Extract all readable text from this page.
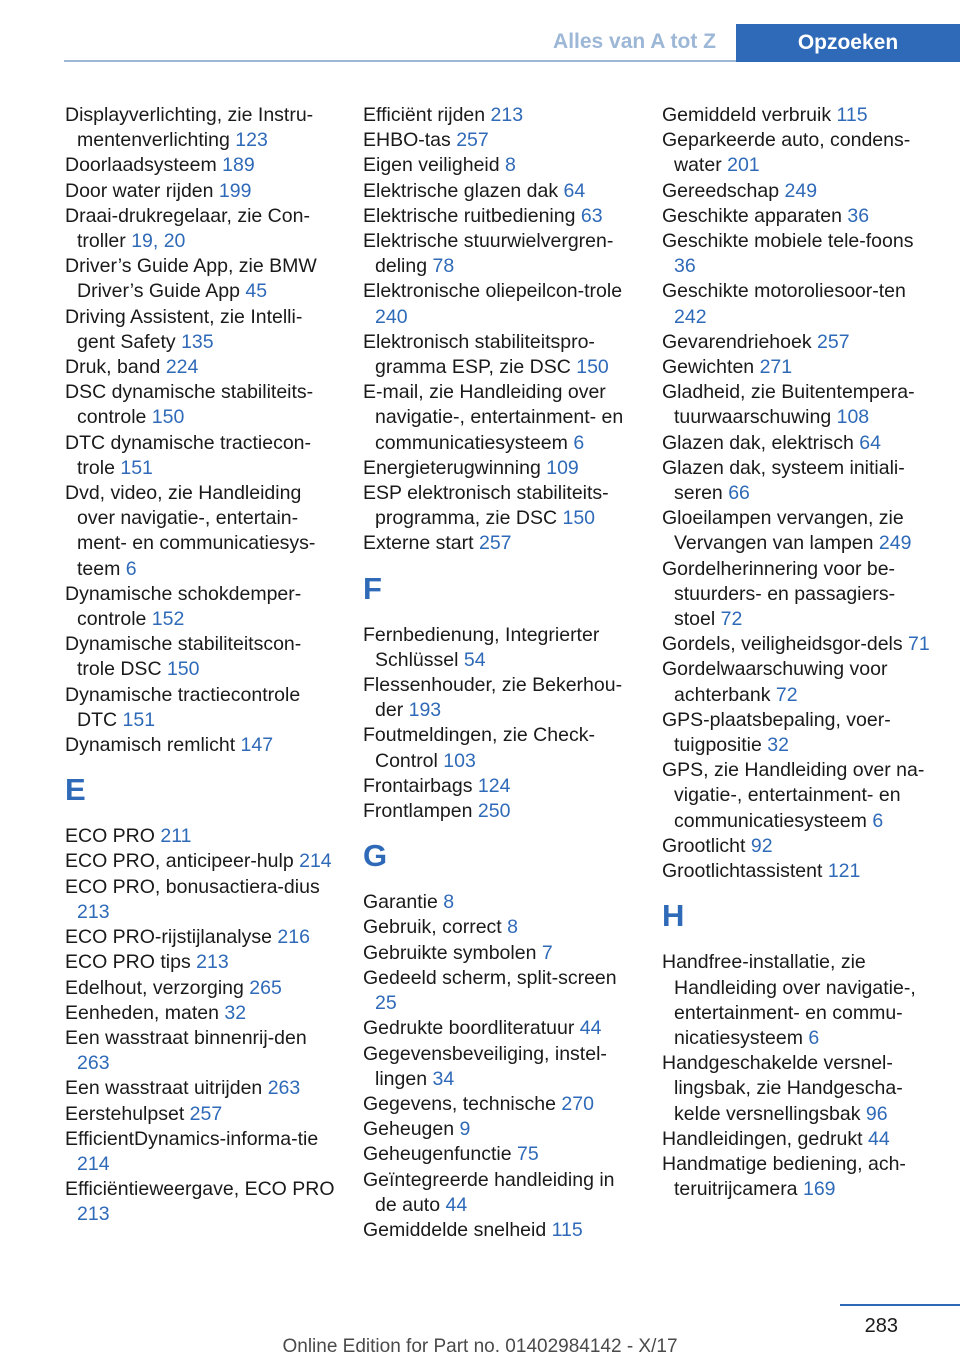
Alles van A tot Z	Opzoeken

Displayverlichting, zie Instru-mentenverlichting 123

Doorlaadsysteem 189

Door water rijden 199

Draai-drukregelaar, zie Con-troller 19, 20

Driver’s Guide App, zie BMW Driver’s Guide App 45

Driving Assistent, zie Intelli-gent Safety 135

Druk, band 224

DSC dynamische stabiliteits-controle 150

DTC dynamische tractiecon-trole 151

Dvd, video, zie Handleiding over navigatie-, entertain-ment- en communicatiesys-teem 6

Dynamische schokdemper-controle 152

Dynamische stabiliteitscon-trole DSC 150

Dynamische tractiecontrole DTC 151

Dynamisch remlicht 147

E

ECO PRO 211

ECO PRO, anticipeer-hulp 214

ECO PRO, bonusactiera-dius 213

ECO PRO-rijstijlanalyse 216

ECO PRO tips 213

Edelhout, verzorging 265

Eenheden, maten 32

Een wasstraat binnenrij-den 263

Een wasstraat uitrijden 263

Eerstehulpset 257

EfficientDynamics-informa-tie 214

Efficiëntieweergave, ECO PRO 213

Efficiënt rijden 213

EHBO-tas 257

Eigen veiligheid 8

Elektrische glazen dak 64

Elektrische ruitbediening 63

Elektrische stuurwielvergren-deling 78

Elektronische oliepeilcon-trole 240

Elektronisch stabiliteitspro-gramma ESP, zie DSC 150

E-mail, zie Handleiding over navigatie-, entertainment- en communicatiesysteem 6

Energieterugwinning 109

ESP elektronisch stabiliteits-programma, zie DSC 150

Externe start 257

F

Fernbedienung, Integrierter Schlüssel 54

Flessenhouder, zie Bekerhou-der 193

Foutmeldingen, zie Check-Control 103

Frontairbags 124

Frontlampen 250

G

Garantie 8

Gebruik, correct 8

Gebruikte symbolen 7

Gedeeld scherm, split-screen 25

Gedrukte boordliteratuur 44

Gegevensbeveiliging, instel-lingen 34

Gegevens, technische 270

Geheugen 9

Geheugenfunctie 75

Geïntegreerde handleiding in de auto 44

Gemiddelde snelheid 115

Gemiddeld verbruik 115

Geparkeerde auto, condens-water 201

Gereedschap 249

Geschikte apparaten 36

Geschikte mobiele tele-foons 36

Geschikte motoroliesoor-ten 242

Gevarendriehoek 257

Gewichten 271

Gladheid, zie Buitentempera-tuurwaarschuwing 108

Glazen dak, elektrisch 64

Glazen dak, systeem initiali-seren 66

Gloeilampen vervangen, zie Vervangen van lampen 249

Gordelherinnering voor be-stuurders- en passagiers-stoel 72

Gordels, veiligheidsgor-dels 71

Gordelwaarschuwing voor achterbank 72

GPS-plaatsbepaling, voer-tuigpositie 32

GPS, zie Handleiding over na-vigatie-, entertainment- en communicatiesysteem 6

Grootlicht 92

Grootlichtassistent 121

H

Handfree-installatie, zie Handleiding over navigatie-, entertainment- en commu-nicatiesysteem 6

Handgeschakelde versnel-lingsbak, zie Handgescha-kelde versnellingsbak 96

Handleidingen, gedrukt 44

Handmatige bediening, ach-teruitrijcamera 169

283
Online Edition for Part no. 01402984142 - X/17
